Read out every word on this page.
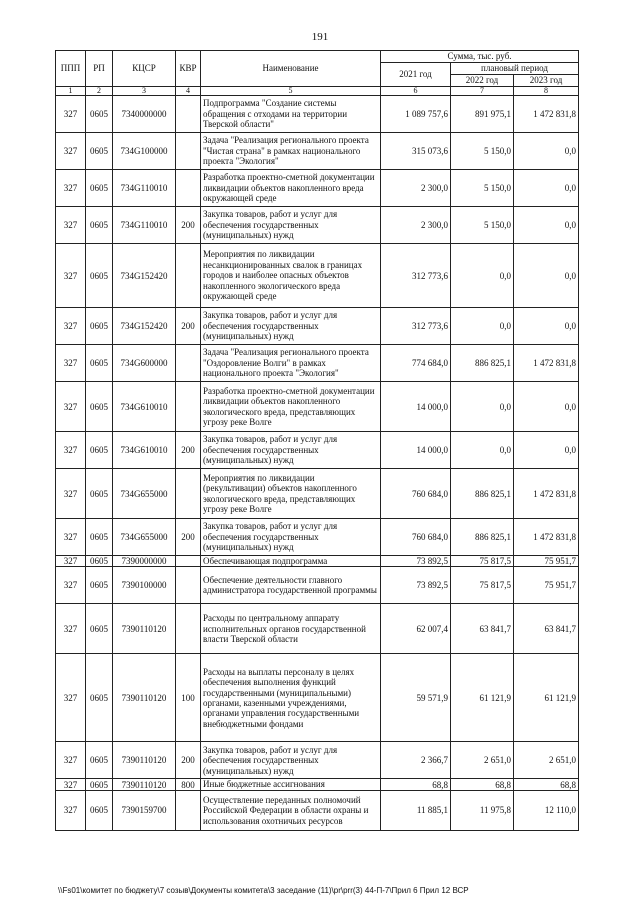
191
ППП	РП	КЦСР	КВР	Наименование	Сумма, тыс. руб.		
					2021 год	плановый период	
						2022 год	2023 год
1	2	3	4	5	6	7	8
327	0605	7340000000		Подпрограмма "Создание системы обращения с отходами на территории Тверской области"	1 089 757,6	891 975,1	1 472 831,8
327	0605	734G100000		Задача "Реализация регионального проекта "Чистая страна" в рамках национального проекта "Экология"	315 073,6	5 150,0	0,0
327	0605	734G110010		Разработка проектно-сметной документации ликвидации объектов накопленного вреда окружающей среде	2 300,0	5 150,0	0,0
327	0605	734G110010	200	Закупка товаров, работ и услуг для обеспечения государственных (муниципальных) нужд	2 300,0	5 150,0	0,0
327	0605	734G152420		Мероприятия по ликвидации несанкционированных свалок в границах городов и наиболее опасных объектов накопленного экологического вреда окружающей среде	312 773,6	0,0	0,0
327	0605	734G152420	200	Закупка товаров, работ и услуг для обеспечения государственных (муниципальных) нужд	312 773,6	0,0	0,0
327	0605	734G600000		Задача "Реализация регионального проекта "Оздоровление Волги" в рамках национального проекта "Экология"	774 684,0	886 825,1	1 472 831,8
327	0605	734G610010		Разработка проектно-сметной документации ликвидации объектов накопленного экологического вреда, представляющих угрозу реке Волге	14 000,0	0,0	0,0
327	0605	734G610010	200	Закупка товаров, работ и услуг для обеспечения государственных (муниципальных) нужд	14 000,0	0,0	0,0
327	0605	734G655000		Мероприятия по ликвидации (рекультивации) объектов накопленного экологического вреда, представляющих угрозу реке Волге	760 684,0	886 825,1	1 472 831,8
327	0605	734G655000	200	Закупка товаров, работ и услуг для обеспечения государственных (муниципальных) нужд	760 684,0	886 825,1	1 472 831,8
327	0605	7390000000		Обеспечивающая подпрограмма	73 892,5	75 817,5	75 951,7
327	0605	7390100000		Обеспечение деятельности главного администратора государственной программы	73 892,5	75 817,5	75 951,7
327	0605	7390110120		Расходы по центральному аппарату исполнительных органов государственной власти Тверской области	62 007,4	63 841,7	63 841,7
327	0605	7390110120	100	Расходы на выплаты персоналу в целях обеспечения выполнения функций государственными (муниципальными) органами, казенными учреждениями, органами управления государственными внебюджетными фондами	59 571,9	61 121,9	61 121,9
327	0605	7390110120	200	Закупка товаров, работ и услуг для обеспечения государственных (муниципальных) нужд	2 366,7	2 651,0	2 651,0
327	0605	7390110120	800	Иные бюджетные ассигнования	68,8	68,8	68,8
327	0605	7390159700		Осуществление переданных полномочий Российской Федерации в области охраны и использования охотничьих ресурсов	11 885,1	11 975,8	12 110,0
\\Fs01\комитет по бюджету\7 созыв\Документы комитета\3 заседание (11)\pr\prr(3) 44-П-7\Прил 6 Прил 12 ВСР
